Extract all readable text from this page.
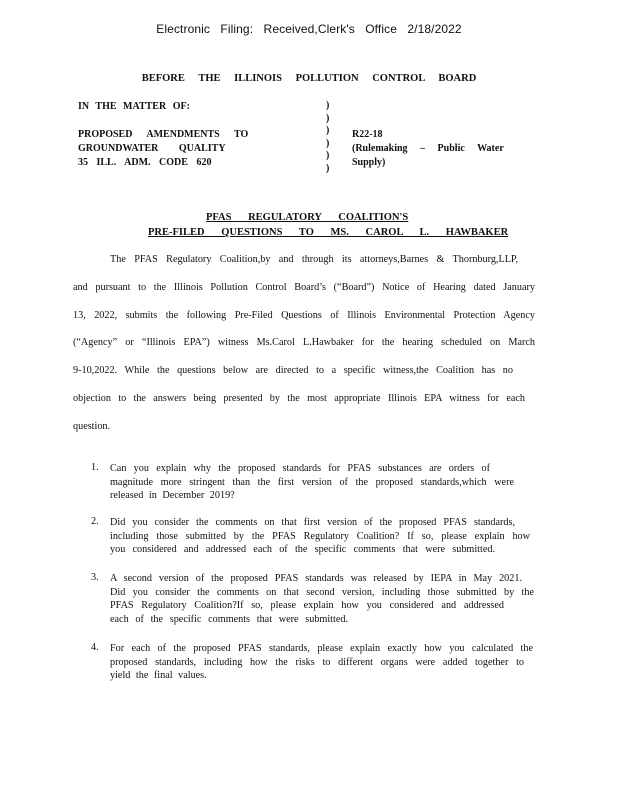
Electronic Filing: Received,Clerk's Office 2/18/2022
BEFORE THE ILLINOIS POLLUTION CONTROL BOARD
IN THE MATTER OF:
PROPOSED AMENDMENTS TO
GROUNDWATER QUALITY
35 ILL. ADM. CODE 620
)
)
)
)
)
)
R22-18
(Rulemaking – Public Water
Supply)
PFAS REGULATORY COALITION'S
PRE-FILED QUESTIONS TO MS. CAROL L. HAWBAKER
The PFAS Regulatory Coalition,by and through its attorneys,Barnes & Thornburg,LLP,
and pursuant to the Illinois Pollution Control Board’s (“Board”) Notice of Hearing dated January
13, 2022, submits the following Pre-Filed Questions of Illinois Environmental Protection Agency
(“Agency” or “Illinois EPA”) witness Ms.Carol L.Hawbaker for the hearing scheduled on March
9-10,2022. While the questions below are directed to a specific witness,the Coalition has no
objection to the answers being presented by the most appropriate Illinois EPA witness for each
question.
1. Can you explain why the proposed standards for PFAS substances are orders of
magnitude more stringent than the first version of the proposed standards,which were
released in December 2019?
2. Did you consider the comments on that first version of the proposed PFAS standards,
including those submitted by the PFAS Regulatory Coalition? If so, please explain how
you considered and addressed each of the specific comments that were submitted.
3. A second version of the proposed PFAS standards was released by IEPA in May 2021.
Did you consider the comments on that second version, including those submitted by the
PFAS Regulatory Coalition?If so, please explain how you considered and addressed
each of the specific comments that were submitted.
4. For each of the proposed PFAS standards, please explain exactly how you calculated the
proposed standards, including how the risks to different organs were added together to
yield the final values.
